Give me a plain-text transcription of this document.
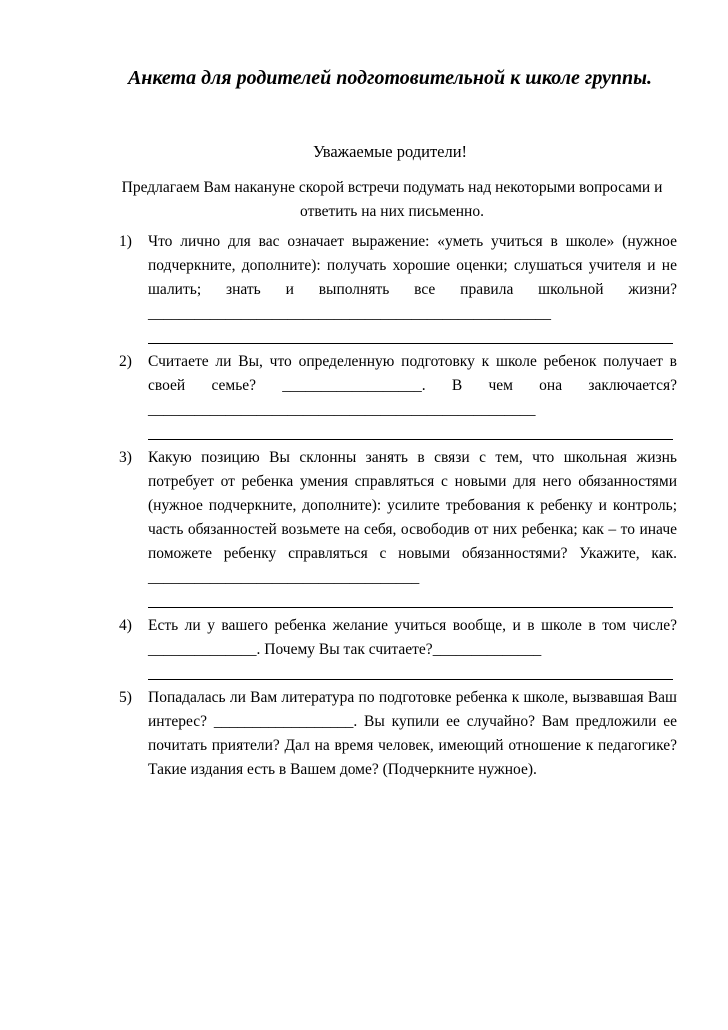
Анкета для родителей подготовительной к школе группы.
Уважаемые родители!
Предлагаем Вам накануне скорой встречи подумать над некоторыми вопросами и ответить на них письменно.
1) Что лично для вас означает выражение: «уметь учиться в школе» (нужное подчеркните, дополните): получать хорошие оценки; слушаться учителя и не шалить; знать и выполнять все правила школьной жизни?____________________________________________________
2) Считаете ли Вы, что определенную подготовку к школе ребенок получает в своей семье? __________________. В чем она заключается?__________________________________________________
3) Какую позицию Вы склонны занять в связи с тем, что школьная жизнь потребует от ребенка умения справляться с новыми для него обязанностями (нужное подчеркните, дополните): усилите требования к ребенку и контроль; часть обязанностей возьмете на себя, освободив от них ребенка; как – то иначе поможете ребенку справляться с новыми обязанностями? Укажите, как. ___________________________________
4) Есть ли у вашего ребенка желание учиться вообще, и в школе в том числе? ______________. Почему Вы так считаете?______________
5) Попадалась ли Вам литература по подготовке ребенка к школе, вызвавшая Ваш интерес? __________________. Вы купили ее случайно? Вам предложили ее почитать приятели? Дал на время человек, имеющий отношение к педагогике? Такие издания есть в Вашем доме? (Подчеркните нужное).
